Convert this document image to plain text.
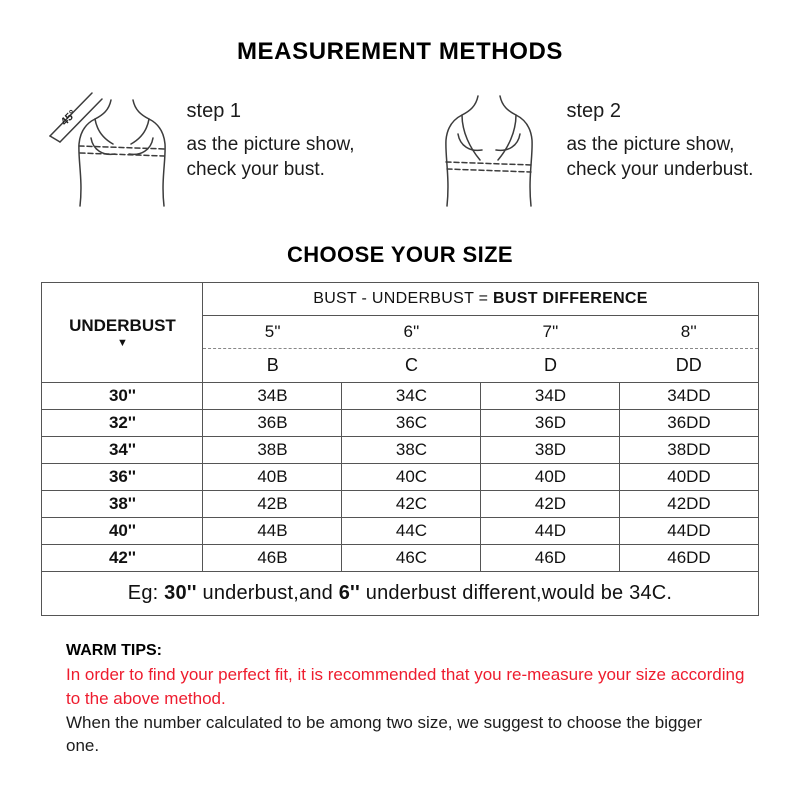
MEASUREMENT METHODS
45°	step 1
as the picture show,
check your bust.
step 2
as the picture show,
check your underbust.
CHOOSE YOUR SIZE
UNDERBUST
▼	BUST - UNDERBUST = BUST DIFFERENCE			
	5''	6''	7''	8''
	B	C	D	DD
30''	34B	34C	34D	34DD
32''	36B	36C	36D	36DD
34''	38B	38C	38D	38DD
36''	40B	40C	40D	40DD
38''	42B	42C	42D	42DD
40''	44B	44C	44D	44DD
42''	46B	46C	46D	46DD
Eg: 30'' underbust,and 6'' underbust different,would be 34C.				
WARM TIPS:
In order to find your perfect fit, it is recommended that you re-measure your size according to the above method.
When the number calculated to be among two size, we suggest to choose the bigger one.
